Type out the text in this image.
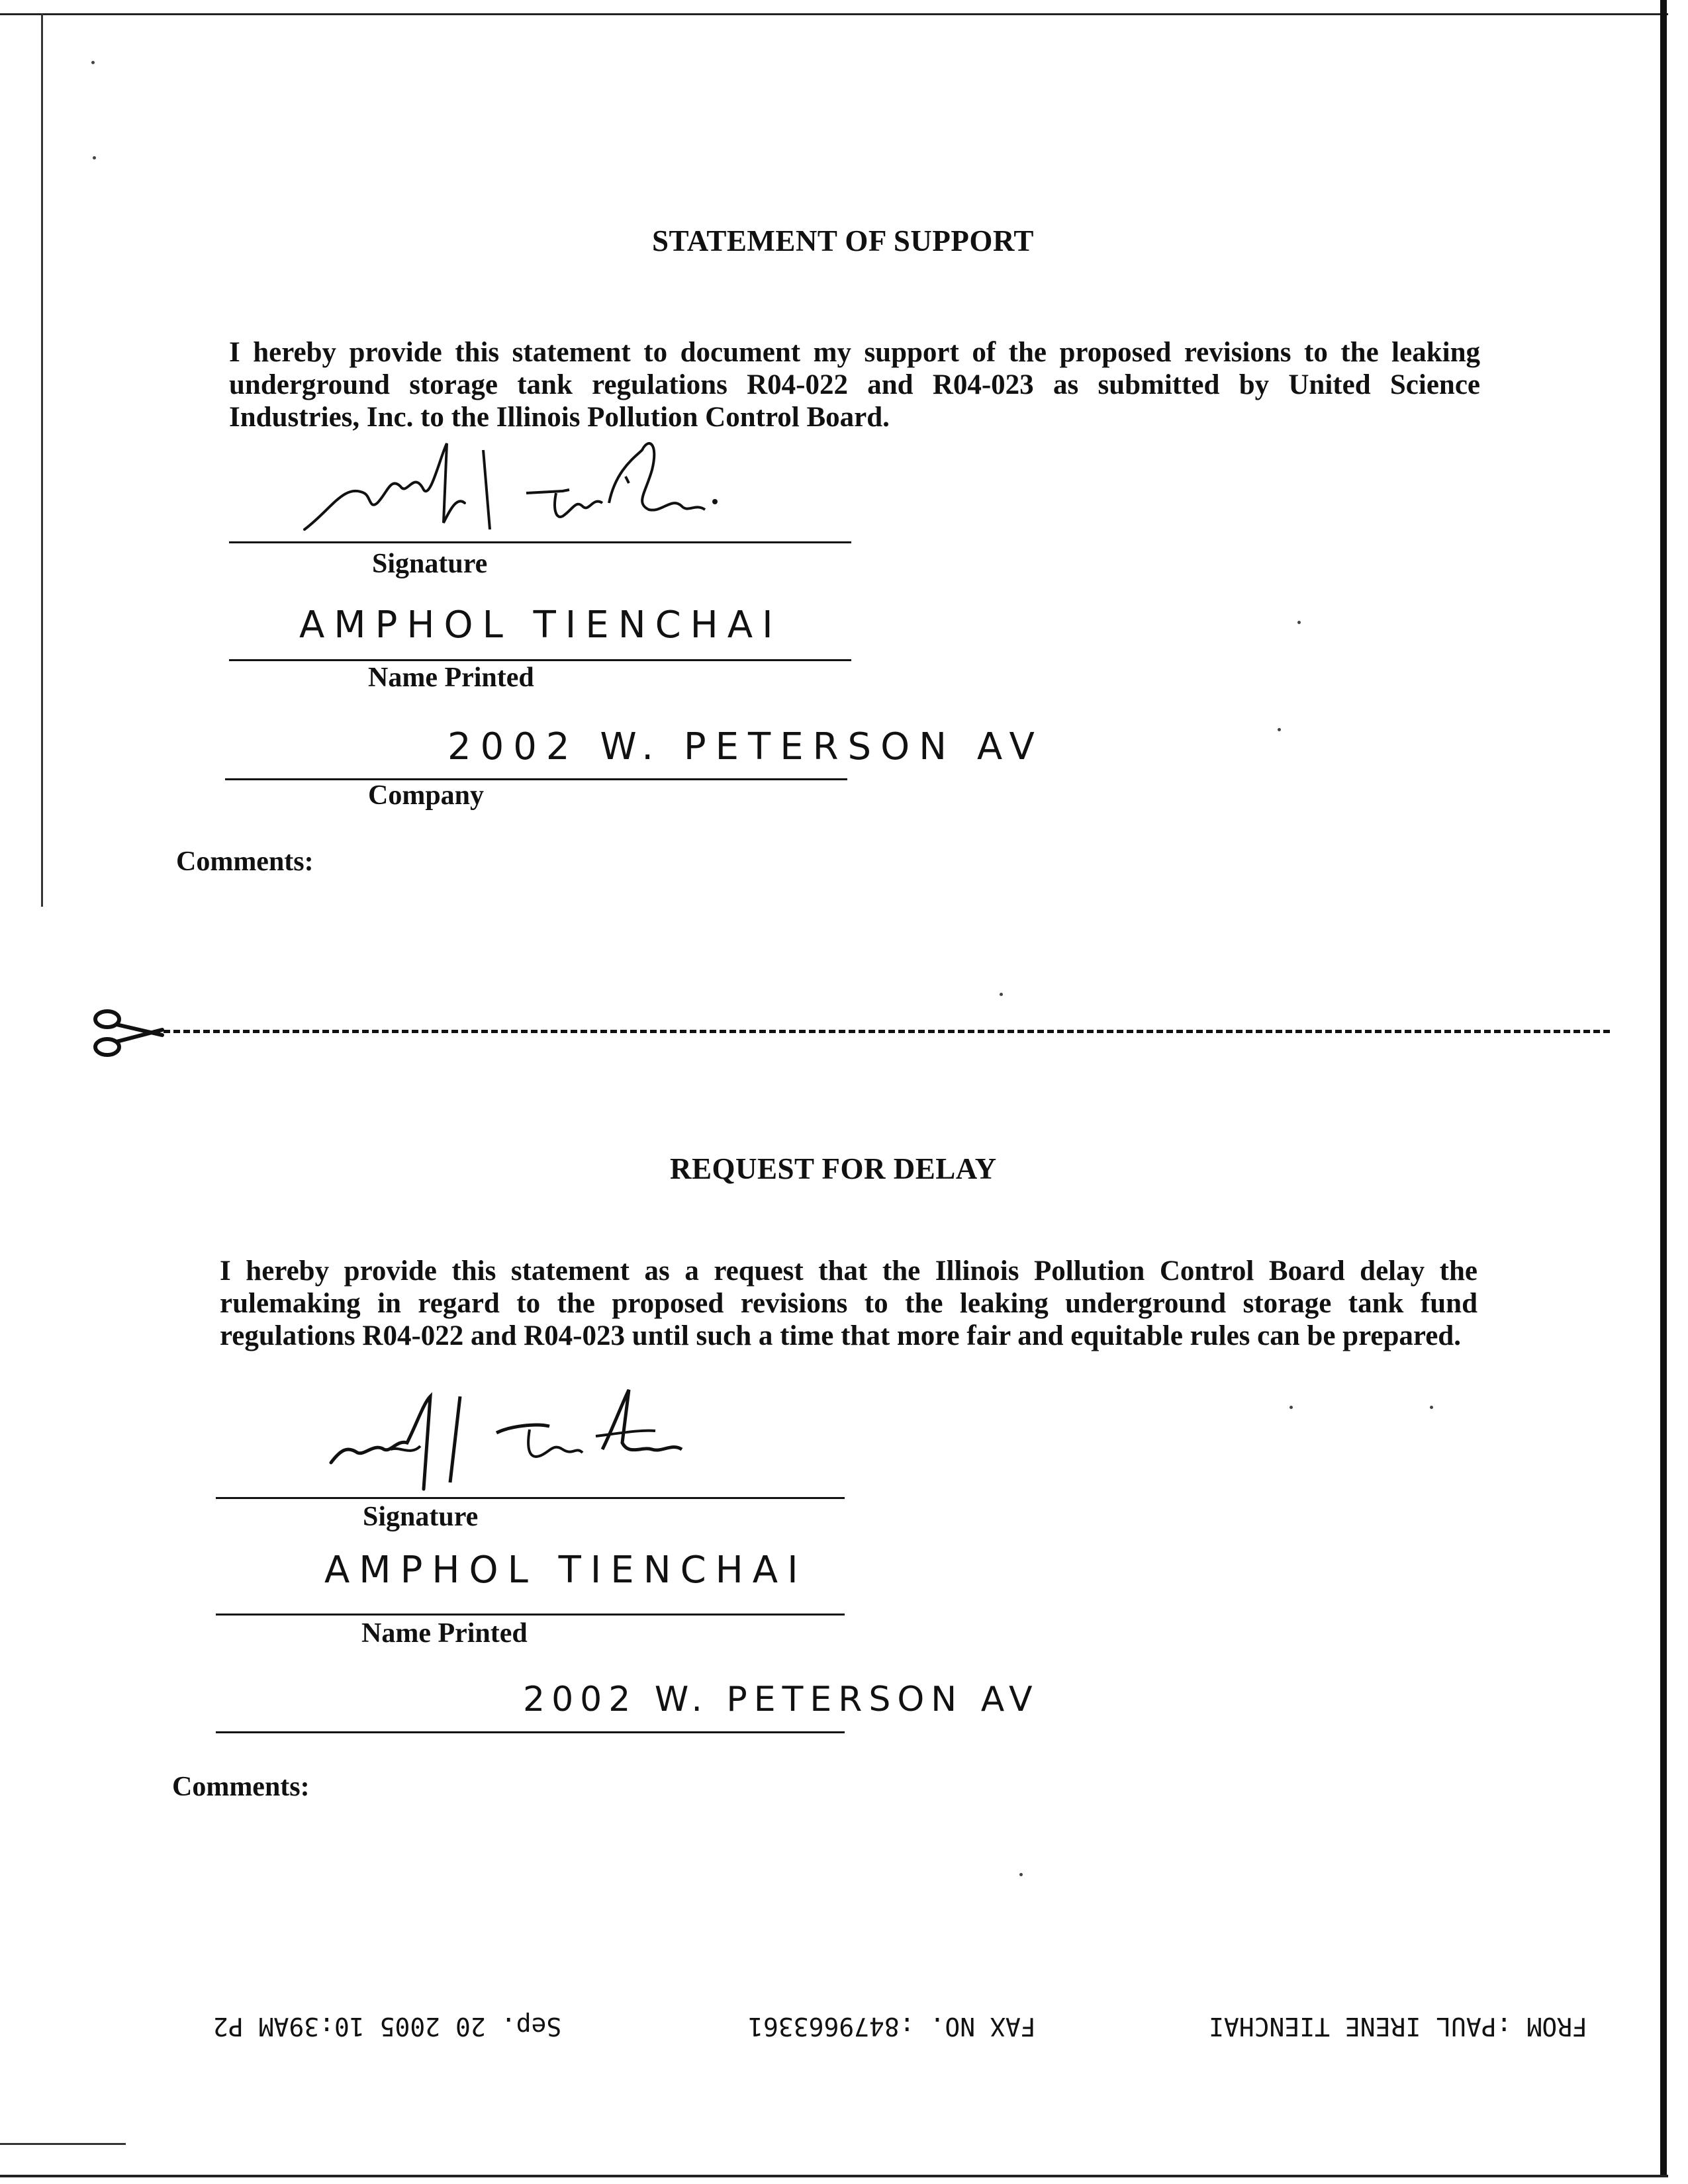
STATEMENT OF SUPPORT
I hereby provide this statement to document my support of the proposed revisions to the leaking underground storage tank regulations R04-022 and R04-023 as submitted by United Science Industries, Inc. to the Illinois Pollution Control Board.
Signature
AMPHOL TIENCHAI
Name Printed
2002 W. PETERSON AV
Company
Comments:
REQUEST FOR DELAY
I hereby provide this statement as a request that the Illinois Pollution Control Board delay the rulemaking in regard to the proposed revisions to the leaking underground storage tank fund regulations R04-022 and R04-023 until such a time that more fair and equitable rules can be prepared.
Signature
AMPHOL TIENCHAI
Name Printed
2002 W. PETERSON AV
Comments:
FROM :PAUL IRENE TIENCHAI
FAX NO. :8479663361
Sep. 20 2005 10:39AM P2
